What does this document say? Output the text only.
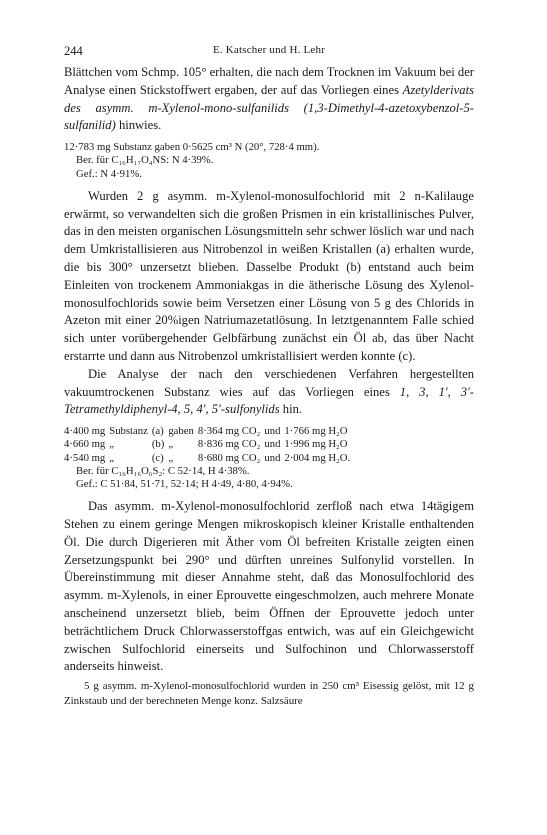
244	E. Katscher und H. Lehr

Blättchen vom Schmp. 105° erhalten, die nach dem Trocknen im Vakuum bei der Analyse einen Stickstoffwert ergaben, der auf das Vorliegen eines Azetylderivats des asymm. m-Xylenol-mono-sulfanilids (1,3-Dimethyl-4-azetoxybenzol-5-sulfanilid) hinwies.

12·783 mg Substanz gaben 0·5625 cm³ N (20°, 728·4 mm).

Ber. für C₁₆H₁₇O₄NS: N 4·39%.

Gef.: N 4·91%.

Wurden 2 g asymm. m-Xylenol-monosulfochlorid mit 2 n-Kalilauge erwärmt, so verwandelten sich die großen Prismen in ein kristallinisches Pulver, das in den meisten organischen Lösungsmitteln sehr schwer löslich war und nach dem Umkristallisieren aus Nitrobenzol in weißen Kristallen (a) erhalten wurde, die bis 300° unzersetzt blieben. Dasselbe Produkt (b) entstand auch beim Einleiten von trockenem Ammoniakgas in die ätherische Lösung des Xylenol-monosulfochlorids sowie beim Versetzen einer Lösung von 5 g des Chlorids in Azeton mit einer 20%igen Natriumazetatlösung. In letztgenanntem Falle schied sich unter vorübergehender Gelbfärbung zunächst ein Öl ab, das über Nacht erstarrte und dann aus Nitrobenzol umkristallisiert werden konnte (c).

Die Analyse der nach den verschiedenen Verfahren hergestellten vakuumtrockenen Substanz wies auf das Vorliegen eines 1, 3, 1′, 3′-Tetramethyldiphenyl-4, 5, 4′, 5′-sulfonylids hin.

4·400 mg	Substanz	(a)	gaben	8·364 mg CO₂	und	1·766 mg H₂O
4·660 mg	„	(b)	„	8·836 mg CO₂	und	1·996 mg H₂O
4·540 mg	„	(c)	„	8·680 mg CO₂	und	2·004 mg H₂O.

Ber. für C₁₆H₁₆O₆S₂: C 52·14, H 4·38%.

Gef.: C 51·84, 51·71, 52·14; H 4·49, 4·80, 4·94%.

Das asymm. m-Xylenol-monosulfochlorid zerfloß nach etwa 14tägigem Stehen zu einem geringe Mengen mikroskopisch kleiner Kristalle enthaltenden Öl. Die durch Digerieren mit Äther vom Öl befreiten Kristalle zeigten einen Zersetzungspunkt bei 290° und dürften unreines Sulfonylid vorstellen. In Übereinstimmung mit dieser Annahme steht, daß das Monosulfochlorid des asymm. m-Xylenols, in einer Eprouvette eingeschmolzen, auch mehrere Monate anscheinend unzersetzt blieb, beim Öffnen der Eprouvette jedoch unter beträchtlichem Druck Chlorwasserstoffgas entwich, was auf ein Gleichgewicht zwischen Sulfochlorid einerseits und Sulfochinon und Chlorwasserstoff anderseits hinweist.

5 g asymm. m-Xylenol-monosulfochlorid wurden in 250 cm³ Eisessig gelöst, mit 12 g Zinkstaub und der berechneten Menge konz. Salzsäure
